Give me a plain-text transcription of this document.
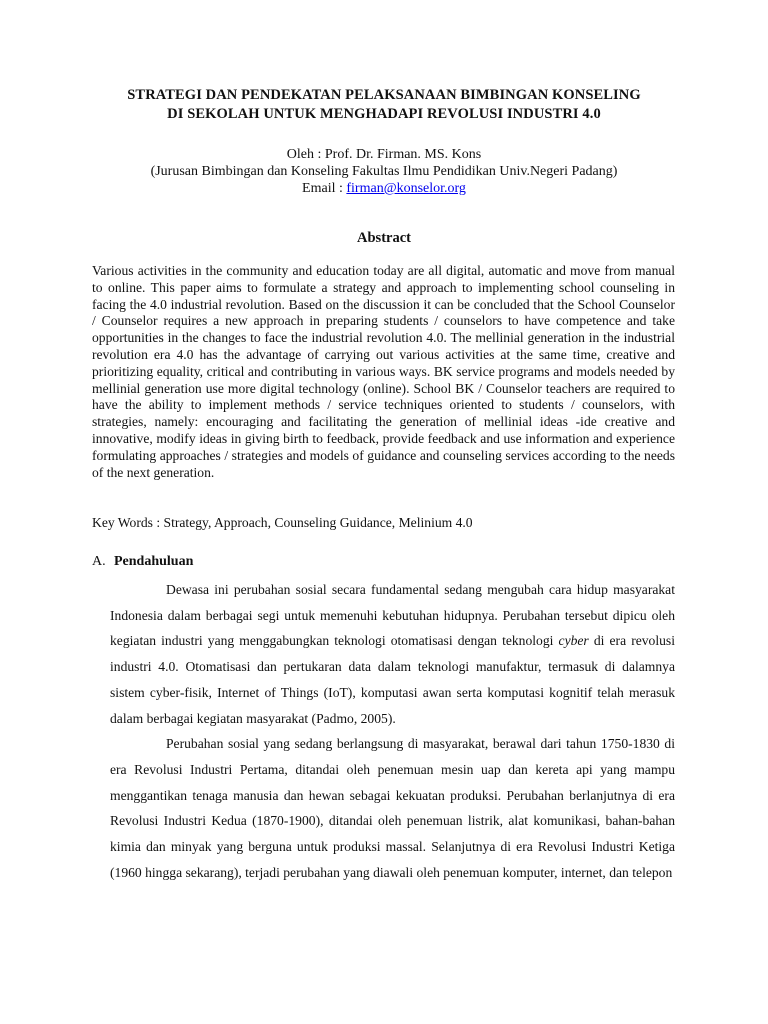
STRATEGI DAN PENDEKATAN PELAKSANAAN BIMBINGAN KONSELING
DI SEKOLAH UNTUK MENGHADAPI REVOLUSI INDUSTRI 4.0
Oleh : Prof. Dr. Firman. MS. Kons
(Jurusan Bimbingan dan Konseling Fakultas Ilmu Pendidikan Univ.Negeri Padang)
Email : firman@konselor.org
Abstract
Various activities in the community and education today are all digital, automatic and move from manual to online. This paper aims to formulate a strategy and approach to implementing school counseling in facing the 4.0 industrial revolution. Based on the discussion it can be concluded that the School Counselor / Counselor requires a new approach in preparing students / counselors to have competence and take opportunities in the changes to face the industrial revolution 4.0. The mellinial generation in the industrial revolution era 4.0 has the advantage of carrying out various activities at the same time, creative and prioritizing equality, critical and contributing in various ways. BK service programs and models needed by mellinial generation use more digital technology (online). School BK / Counselor teachers are required to have the ability to implement methods / service techniques oriented to students / counselors, with strategies, namely: encouraging and facilitating the generation of mellinial ideas -ide creative and innovative, modify ideas in giving birth to feedback, provide feedback and use information and experience formulating approaches / strategies and models of guidance and counseling services according to the needs of the next generation.
Key Words : Strategy, Approach, Counseling Guidance, Melinium 4.0
A. Pendahuluan

Dewasa ini perubahan sosial secara fundamental sedang mengubah cara hidup masyarakat Indonesia dalam berbagai segi untuk memenuhi kebutuhan hidupnya. Perubahan tersebut dipicu oleh kegiatan industri yang menggabungkan teknologi otomatisasi dengan teknologi cyber di era revolusi industri 4.0. Otomatisasi dan pertukaran data dalam teknologi manufaktur, termasuk di dalamnya sistem cyber-fisik, Internet of Things (IoT), komputasi awan serta komputasi kognitif telah merasuk dalam berbagai kegiatan masyarakat (Padmo, 2005).

Perubahan sosial yang sedang berlangsung di masyarakat, berawal dari tahun 1750-1830 di era Revolusi Industri Pertama, ditandai oleh penemuan mesin uap dan kereta api yang mampu menggantikan tenaga manusia dan hewan sebagai kekuatan produksi. Perubahan berlanjutnya di era Revolusi Industri Kedua (1870-1900), ditandai oleh penemuan listrik, alat komunikasi, bahan-bahan kimia dan minyak yang berguna untuk produksi massal. Selanjutnya di era Revolusi Industri Ketiga (1960 hingga sekarang), terjadi perubahan yang diawali oleh penemuan komputer, internet, dan telepon
